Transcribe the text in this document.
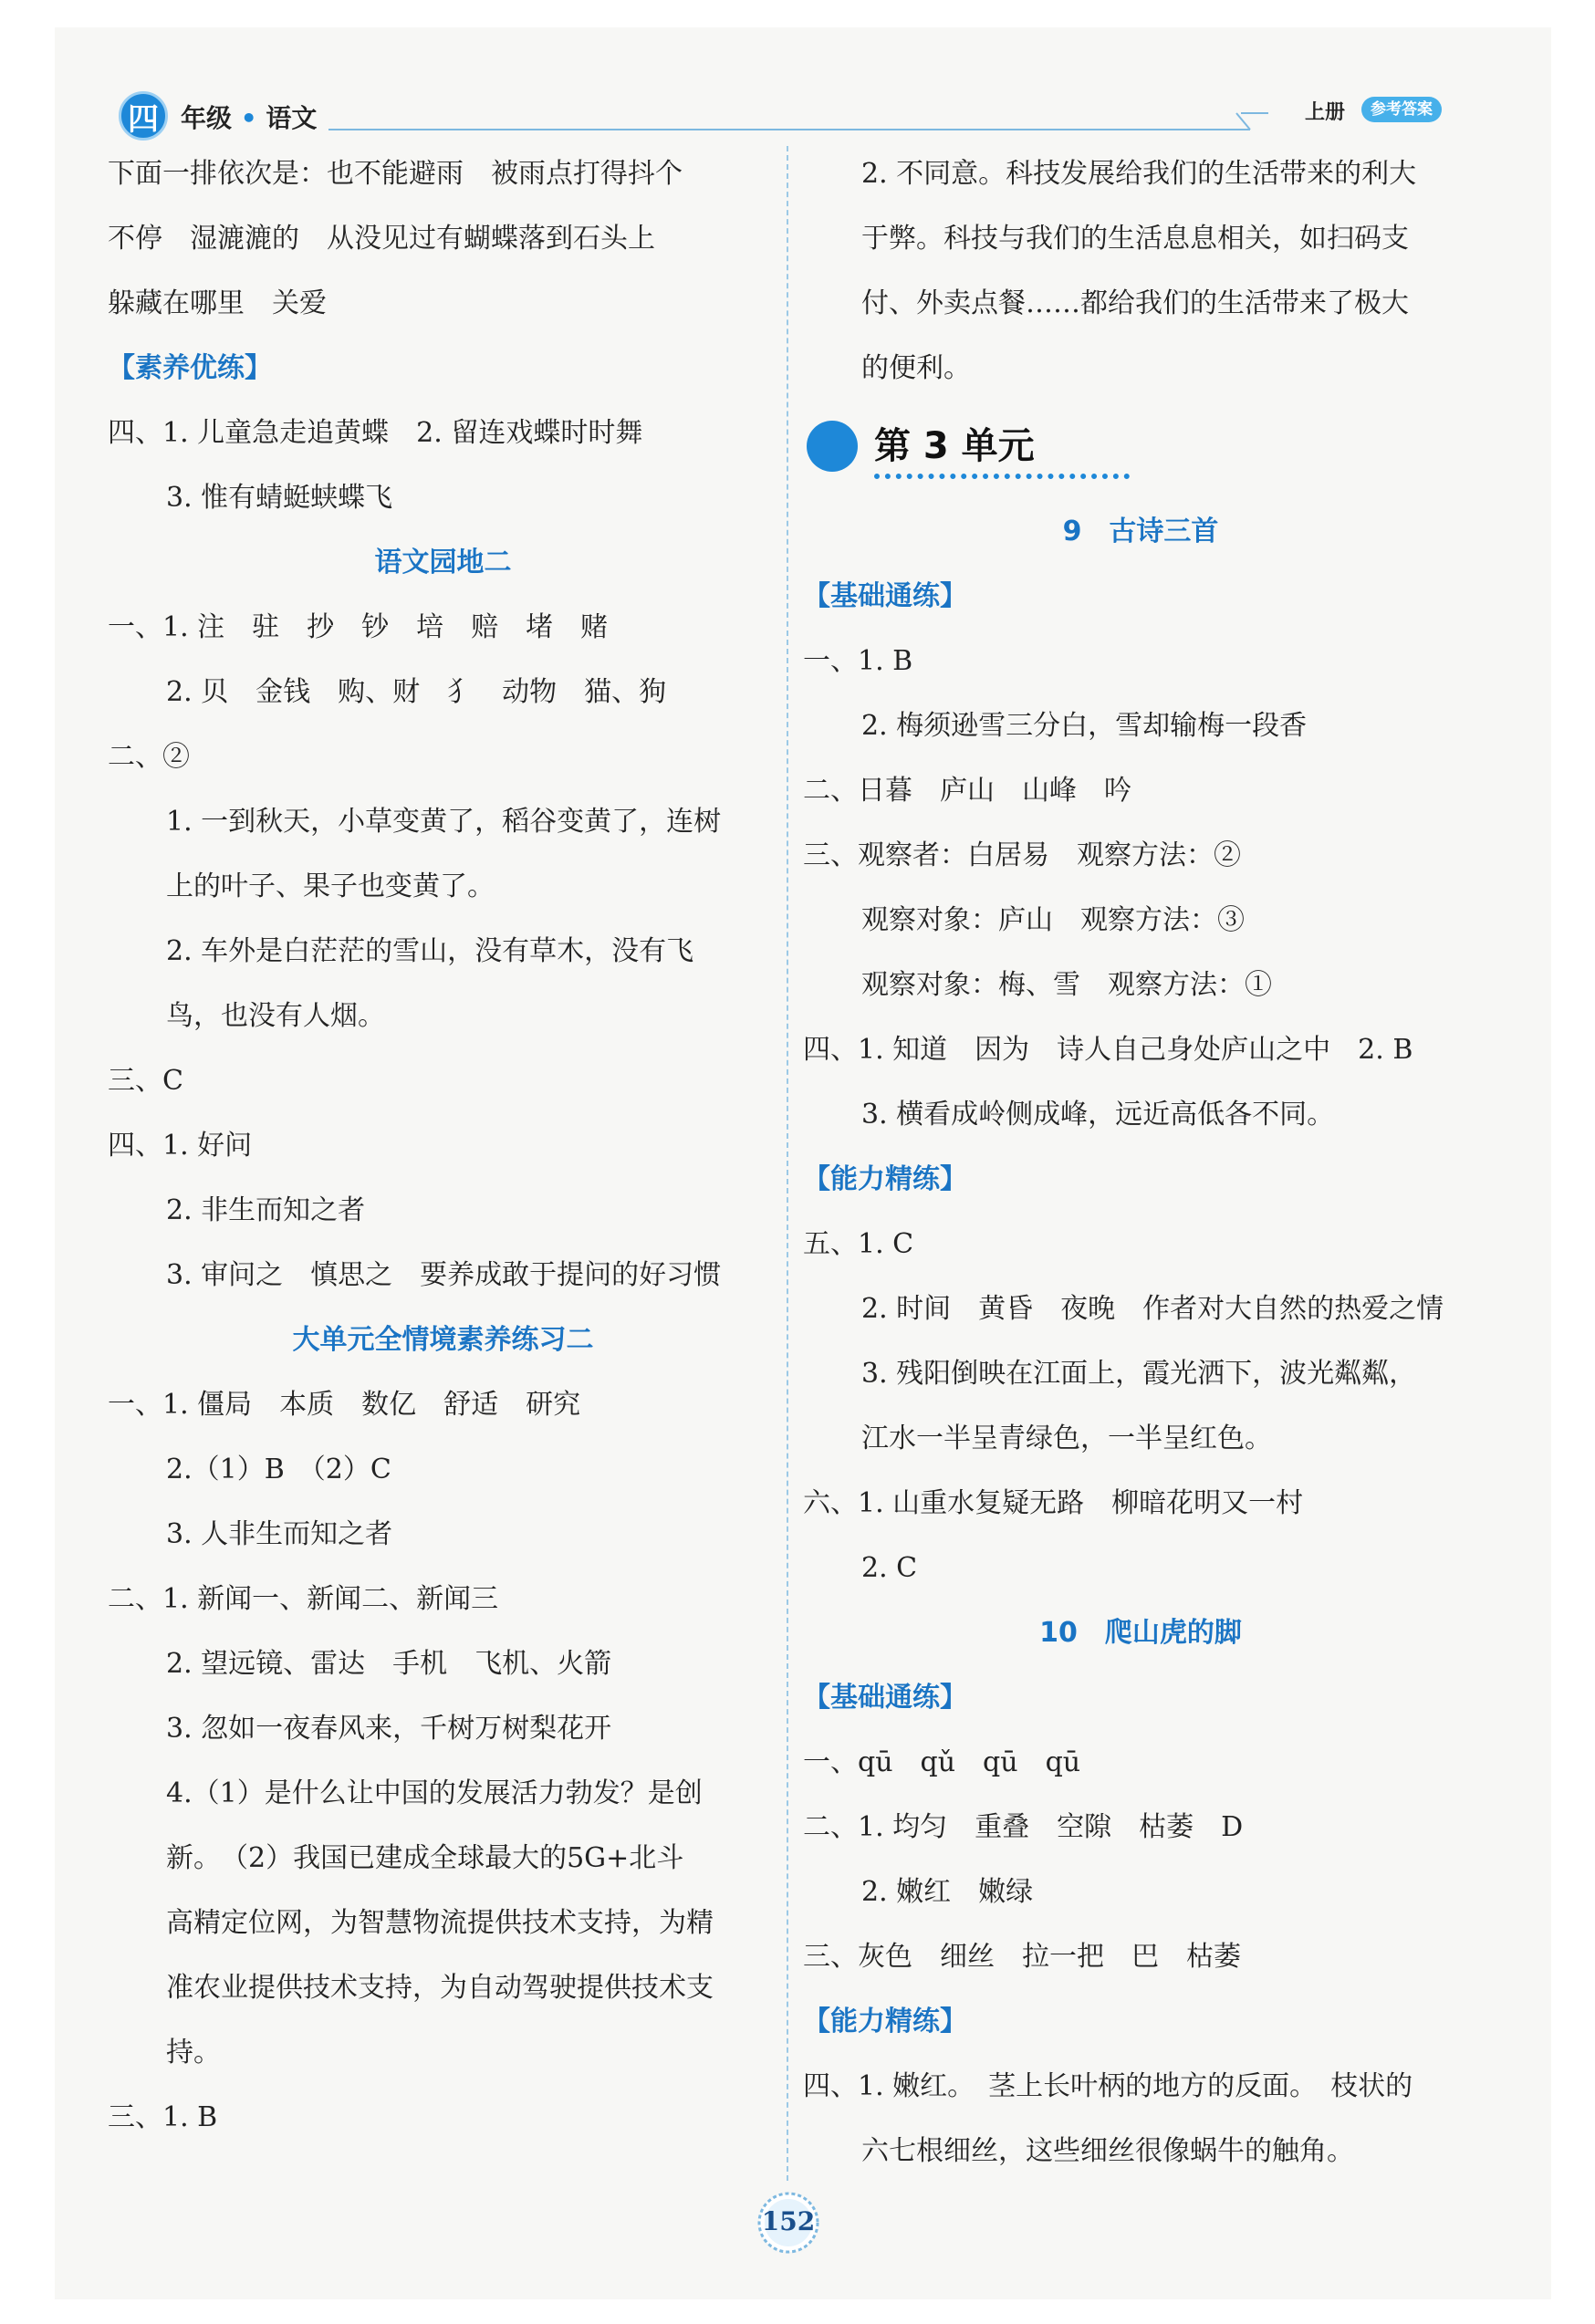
四 年级 • 语文	上册	参考答案
下面一排依次是：也不能避雨　被雨点打得抖个
不停　湿漉漉的　从没见过有蝴蝶落到石头上
躲藏在哪里　关爱
【素养优练】
四、1. 儿童急走追黄蝶　2. 留连戏蝶时时舞
3. 惟有蜻蜓蛱蝶飞
语文园地二
一、1. 注　驻　抄　钞　培　赔　堵　赌
2. 贝　金钱　购、财　犭　动物　猫、狗
二、②
1. 一到秋天，小草变黄了，稻谷变黄了，连树
上的叶子、果子也变黄了。
2. 车外是白茫茫的雪山，没有草木，没有飞
鸟，也没有人烟。
三、C
四、1. 好问
2. 非生而知之者
3. 审问之　慎思之　要养成敢于提问的好习惯
大单元全情境素养练习二
一、1. 僵局　本质　数亿　舒适　研究
2.（1）B　（2）C
3. 人非生而知之者
二、1. 新闻一、新闻二、新闻三
2. 望远镜、雷达　手机　飞机、火箭
3. 忽如一夜春风来，千树万树梨花开
4.（1）是什么让中国的发展活力勃发？是创
新。　（2）我国已建成全球最大的5G+北斗
高精定位网，为智慧物流提供技术支持，为精
准农业提供技术支持，为自动驾驶提供技术支
持。
三、1. B
2. 不同意。科技发展给我们的生活带来的利大
于弊。科技与我们的生活息息相关，如扫码支
付、外卖点餐……都给我们的生活带来了极大
的便利。
第 3 单元
9　古诗三首
【基础通练】
一、1. B
2. 梅须逊雪三分白，雪却输梅一段香
二、日暮　庐山　山峰　吟
三、观察者：白居易　观察方法：②
观察对象：庐山　观察方法：③
观察对象：梅、雪　观察方法：①
四、1. 知道　因为　诗人自己身处庐山之中　2. B
3. 横看成岭侧成峰，远近高低各不同。
【能力精练】
五、1. C
2. 时间　黄昏　夜晚　作者对大自然的热爱之情
3. 残阳倒映在江面上，霞光洒下，波光粼粼，
江水一半呈青绿色，一半呈红色。
六、1. 山重水复疑无路　柳暗花明又一村
2. C
10　爬山虎的脚
【基础通练】
一、qū　qǔ　qū　qū
二、1. 均匀　重叠　空隙　枯萎　D
2. 嫩红　嫩绿
三、灰色　细丝　拉一把　巴　枯萎
【能力精练】
四、1. 嫩红。　茎上长叶柄的地方的反面。　枝状的
六七根细丝，这些细丝很像蜗牛的触角。
152
